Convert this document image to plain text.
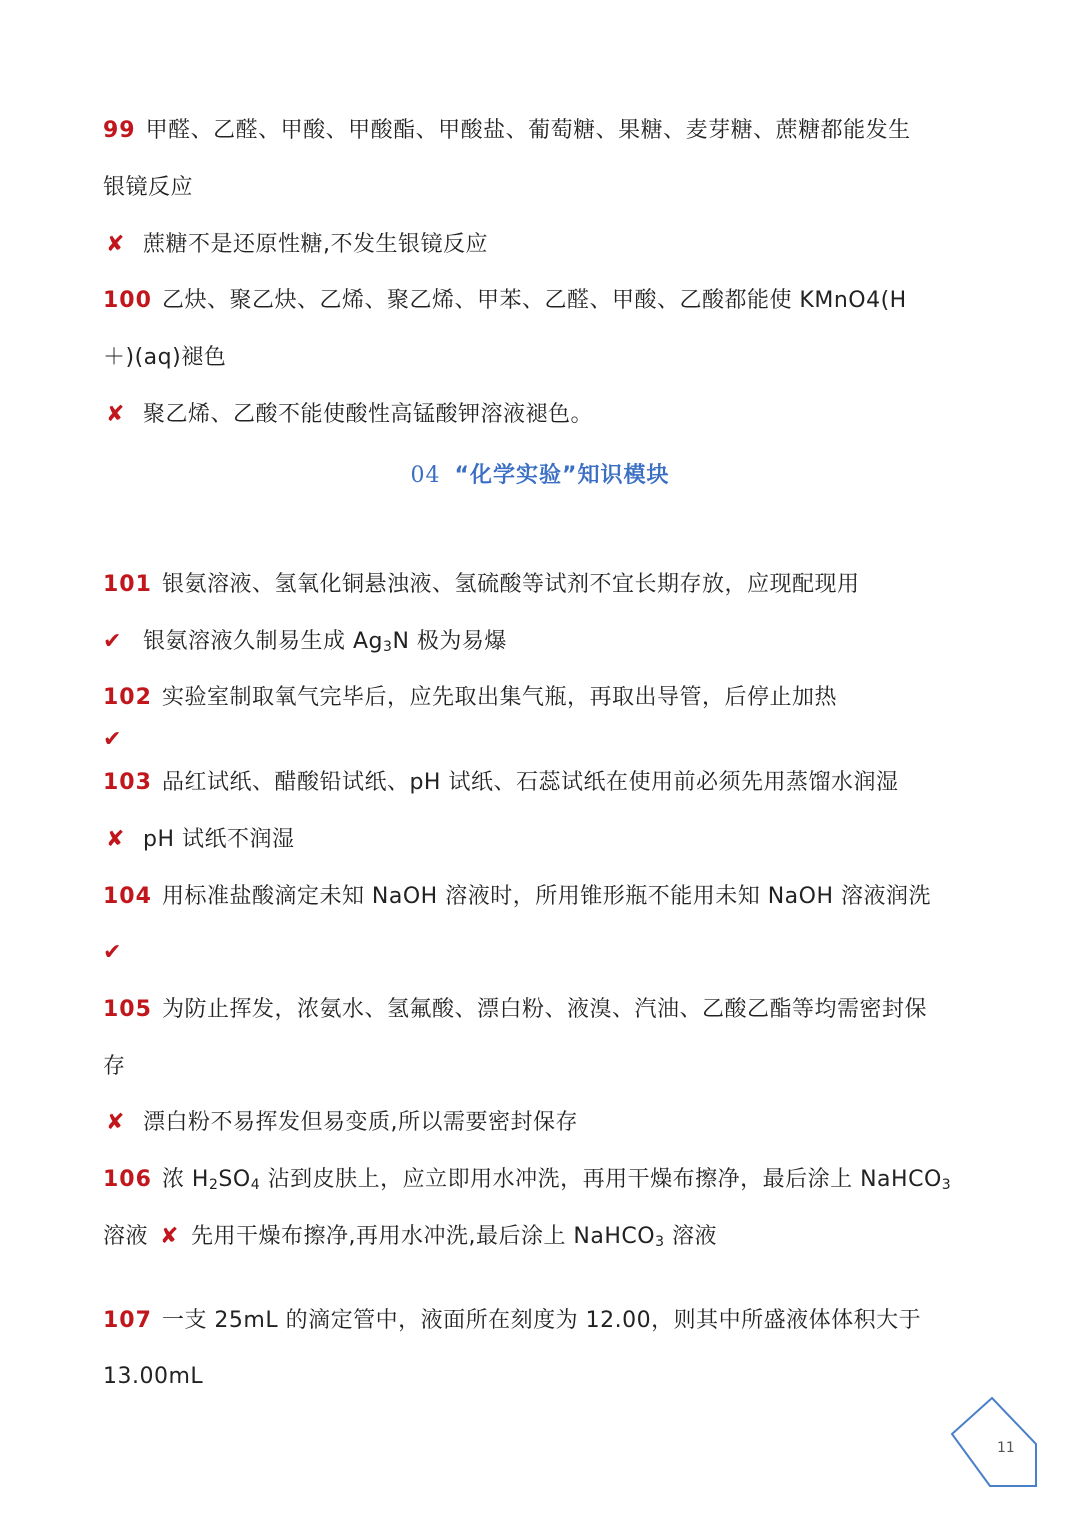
99 甲醛、乙醛、甲酸、甲酸酯、甲酸盐、葡萄糖、果糖、麦芽糖、蔗糖都能发生
银镜反应
✘ 蔗糖不是还原性糖,不发生银镜反应
100 乙炔、聚乙炔、乙烯、聚乙烯、甲苯、乙醛、甲酸、乙酸都能使 KMnO4(H
＋)(aq)褪色
✘ 聚乙烯、乙酸不能使酸性高锰酸钾溶液褪色。
04 “化学实验”知识模块
101 银氨溶液、氢氧化铜悬浊液、氢硫酸等试剂不宜长期存放，应现配现用
✔ 银氨溶液久制易生成 $Ag_3N$ 极为易爆
102 实验室制取氧气完毕后，应先取出集气瓶，再取出导管，后停止加热
✔
103 品红试纸、醋酸铅试纸、pH 试纸、石蕊试纸在使用前必须先用蒸馏水润湿
✘ pH 试纸不润湿
104 用标准盐酸滴定未知 NaOH 溶液时，所用锥形瓶不能用未知 NaOH 溶液润洗
✔
105 为防止挥发，浓氨水、氢氟酸、漂白粉、液溴、汽油、乙酸乙酯等均需密封保
存
✘ 漂白粉不易挥发但易变质,所以需要密封保存
106 浓 $H_2SO_4$ 沾到皮肤上，应立即用水冲洗，再用干燥布擦净，最后涂上 NaHCO$_3$
溶液 ✘ 先用干燥布擦净,再用水冲洗,最后涂上 NaHCO$_3$ 溶液
107 一支 25mL 的滴定管中，液面所在刻度为 12.00，则其中所盛液体体积大于
13.00mL
11
